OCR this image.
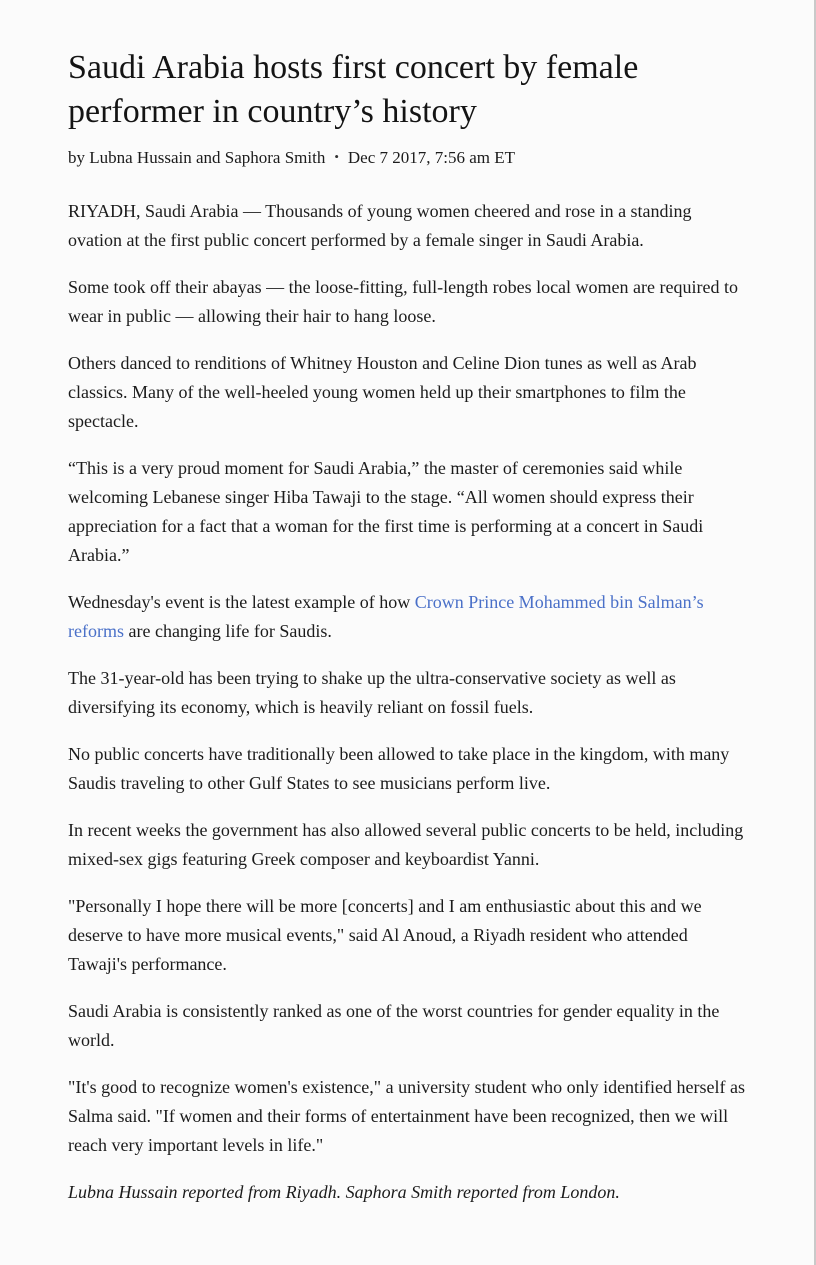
Saudi Arabia hosts first concert by female performer in country’s history
by Lubna Hussain and Saphora Smith • Dec 7 2017, 7:56 am ET

RIYADH, Saudi Arabia — Thousands of young women cheered and rose in a standing ovation at the first public concert performed by a female singer in Saudi Arabia.

Some took off their abayas — the loose-fitting, full-length robes local women are required to wear in public — allowing their hair to hang loose.

Others danced to renditions of Whitney Houston and Celine Dion tunes as well as Arab classics. Many of the well-heeled young women held up their smartphones to film the spectacle.

“This is a very proud moment for Saudi Arabia,” the master of ceremonies said while welcoming Lebanese singer Hiba Tawaji to the stage. “All women should express their appreciation for a fact that a woman for the first time is performing at a concert in Saudi Arabia.”

Wednesday's event is the latest example of how Crown Prince Mohammed bin Salman’s reforms are changing life for Saudis.

The 31-year-old has been trying to shake up the ultra-conservative society as well as diversifying its economy, which is heavily reliant on fossil fuels.

No public concerts have traditionally been allowed to take place in the kingdom, with many Saudis traveling to other Gulf States to see musicians perform live.

In recent weeks the government has also allowed several public concerts to be held, including mixed-sex gigs featuring Greek composer and keyboardist Yanni.

"Personally I hope there will be more [concerts] and I am enthusiastic about this and we deserve to have more musical events," said Al Anoud, a Riyadh resident who attended Tawaji's performance.

Saudi Arabia is consistently ranked as one of the worst countries for gender equality in the world.

"It's good to recognize women's existence," a university student who only identified herself as Salma said. "If women and their forms of entertainment have been recognized, then we will reach very important levels in life."

Lubna Hussain reported from Riyadh. Saphora Smith reported from London.
